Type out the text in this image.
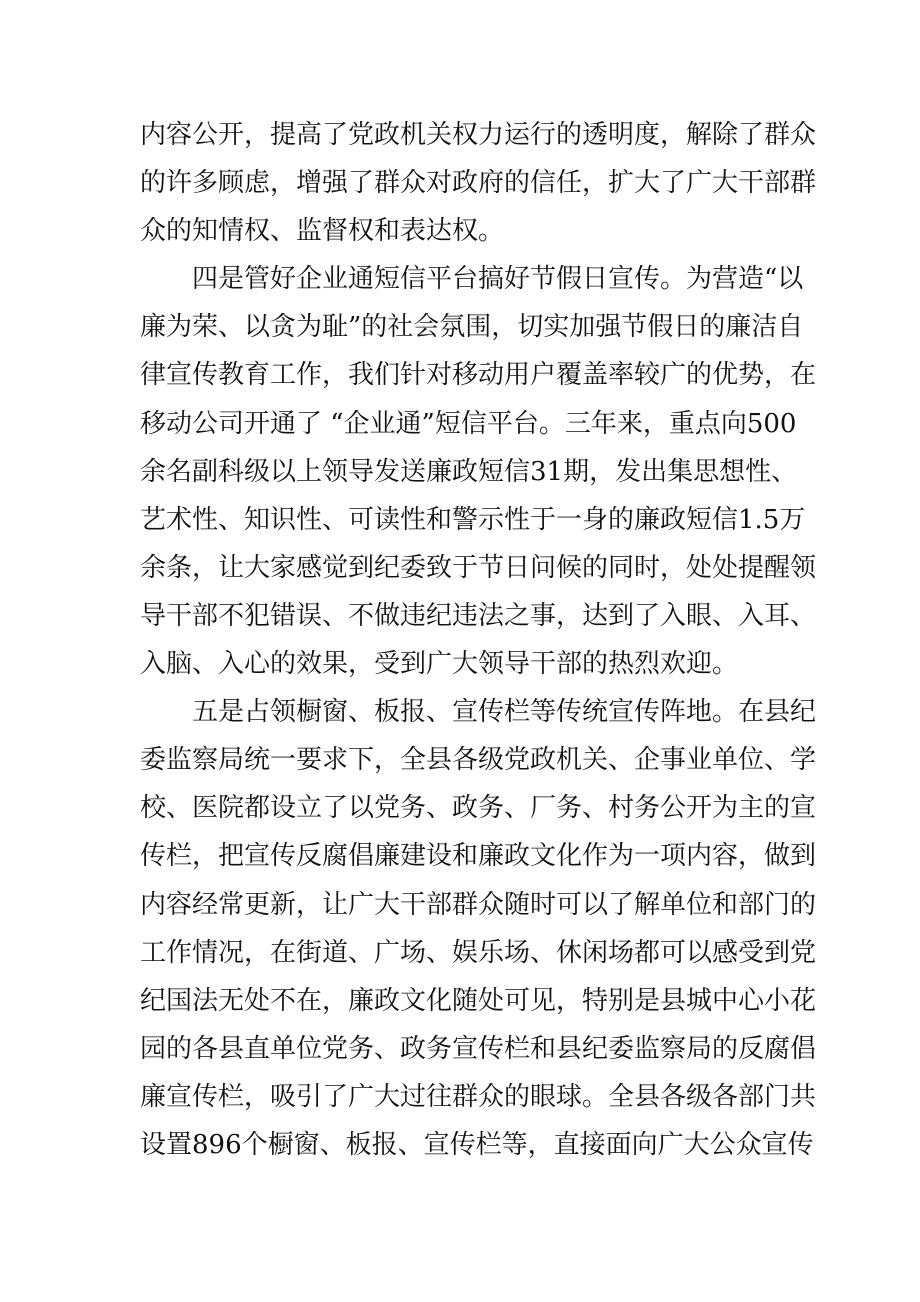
内容公开，提高了党政机关权力运行的透明度，解除了群众
的许多顾虑，增强了群众对政府的信任，扩大了广大干部群
众的知情权、监督权和表达权。
四是管好企业通短信平台搞好节假日宣传。为营造“以
廉为荣、以贪为耻”的社会氛围，切实加强节假日的廉洁自
律宣传教育工作，我们针对移动用户覆盖率较广的优势，在
移动公司开通了 “企业通”短信平台。三年来，重点向500
余名副科级以上领导发送廉政短信31期，发出集思想性、
艺术性、知识性、可读性和警示性于一身的廉政短信1.5万
余条，让大家感觉到纪委致于节日问候的同时，处处提醒领
导干部不犯错误、不做违纪违法之事，达到了入眼、入耳、
入脑、入心的效果，受到广大领导干部的热烈欢迎。
五是占领橱窗、板报、宣传栏等传统宣传阵地。在县纪
委监察局统一要求下，全县各级党政机关、企事业单位、学
校、医院都设立了以党务、政务、厂务、村务公开为主的宣
传栏，把宣传反腐倡廉建设和廉政文化作为一项内容，做到
内容经常更新，让广大干部群众随时可以了解单位和部门的
工作情况，在街道、广场、娱乐场、休闲场都可以感受到党
纪国法无处不在，廉政文化随处可见，特别是县城中心小花
园的各县直单位党务、政务宣传栏和县纪委监察局的反腐倡
廉宣传栏，吸引了广大过往群众的眼球。全县各级各部门共
设置896个橱窗、板报、宣传栏等，直接面向广大公众宣传
